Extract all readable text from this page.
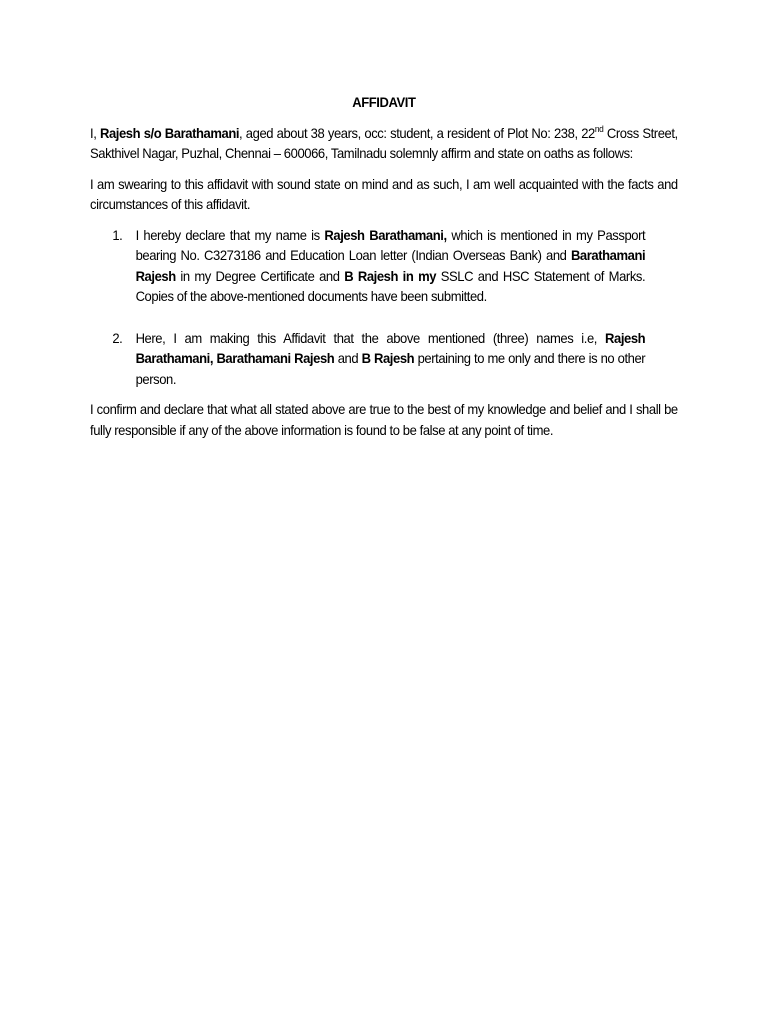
AFFIDAVIT

I, Rajesh s/o Barathamani, aged about 38 years, occ: student, a resident of Plot No: 238, 22nd Cross Street, Sakthivel Nagar, Puzhal, Chennai – 600066, Tamilnadu solemnly affirm and state on oaths as follows:

I am swearing to this affidavit with sound state on mind and as such, I am well acquainted with the facts and circumstances of this affidavit.

1. I hereby declare that my name is Rajesh Barathamani, which is mentioned in my Passport bearing No. C3273186 and Education Loan letter (Indian Overseas Bank) and Barathamani Rajesh in my Degree Certificate and B Rajesh in my SSLC and HSC Statement of Marks. Copies of the above-mentioned documents have been submitted.
2. Here, I am making this Affidavit that the above mentioned (three) names i.e, Rajesh Barathamani, Barathamani Rajesh and B Rajesh pertaining to me only and there is no other person.

I confirm and declare that what all stated above are true to the best of my knowledge and belief and I shall be fully responsible if any of the above information is found to be false at any point of time.
